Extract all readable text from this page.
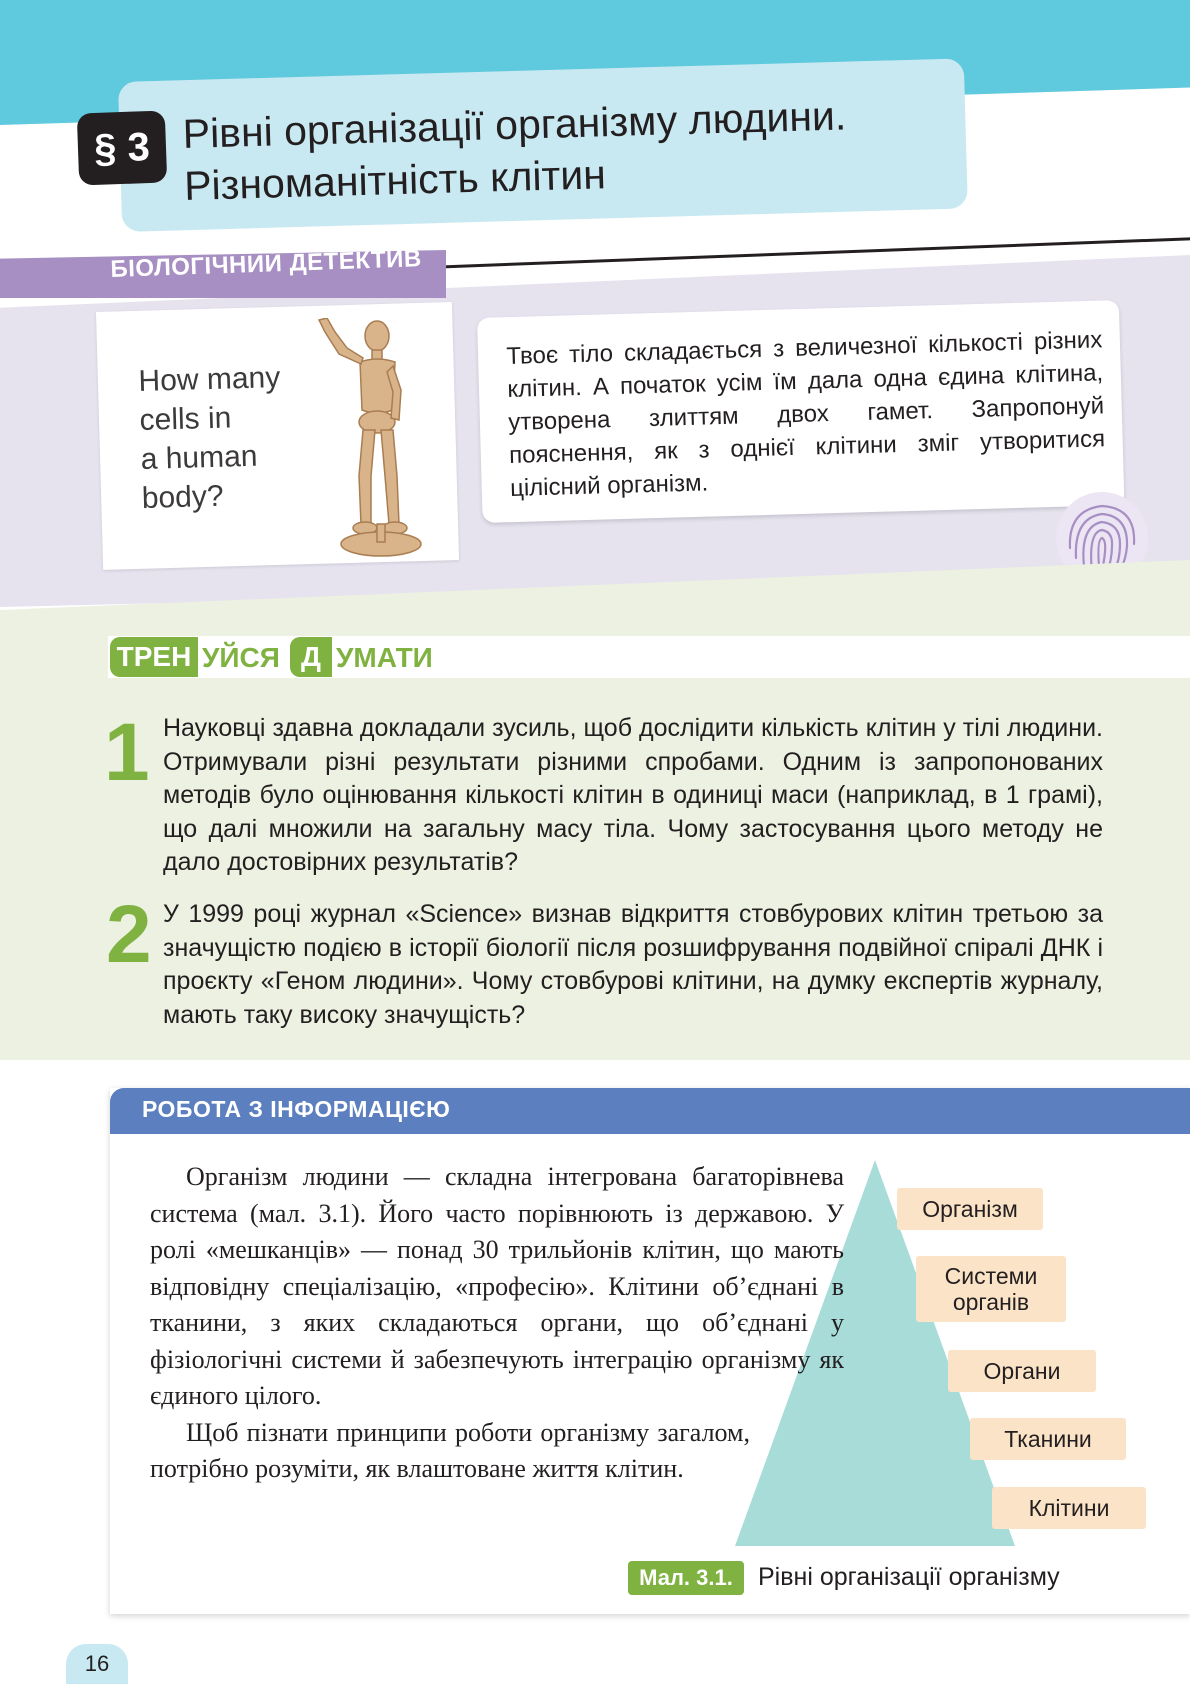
§ 3 Рівні організації організму людини.
Різноманітність клітин
БІОЛОГІЧНИЙ ДЕТЕКТИВ
How many
cells in
a human
body?
Твоє тіло складається з величезної кількості різних клітин. А початок усім їм дала одна єдина клітина, утворена злиттям двох гамет. Запропонуй пояснення, як з однієї клітини зміг утворитися цілісний організм.
ТРЕН УЙСЯ Д УМАТИ
1 Науковці здавна докладали зусиль, щоб дослідити кількість клітин у тілі людини. Отримували різні результати різними спробами. Одним із запропонованих методів було оцінювання кількості клітин в одиниці маси (наприклад, в 1 грамі), що далі множили на загальну масу тіла. Чому застосування цього методу не дало достовірних результатів?
2 У 1999 році журнал «Science» визнав відкриття стовбурових клітин третьою за значущістю подією в історії біології після розшифрування подвійної спіралі ДНК і проєкту «Геном людини». Чому стовбурові клітини, на думку експертів журналу, мають таку високу значущість?
РОБОТА З ІНФОРМАЦІЄЮ

Організм людини — складна інтегрована багаторівнева система (мал. 3.1). Його часто порівнюють із державою. У ролі «мешканців» — понад 30 трильйонів клітин, що мають відповідну спеціалізацію, «професію». Клітини об’єднані в тканини, з яких складаються органи, що об’єднані у фізіологічні системи й забезпечують інтеграцію організму як єдиного цілого.

Щоб пізнати принципи роботи організму загалом, потрібно розуміти, як влаштоване життя клітин.

Організм
Системи органів
Органи
Тканини
Клітини
Мал. 3.1.	Рівні організації організму
16
